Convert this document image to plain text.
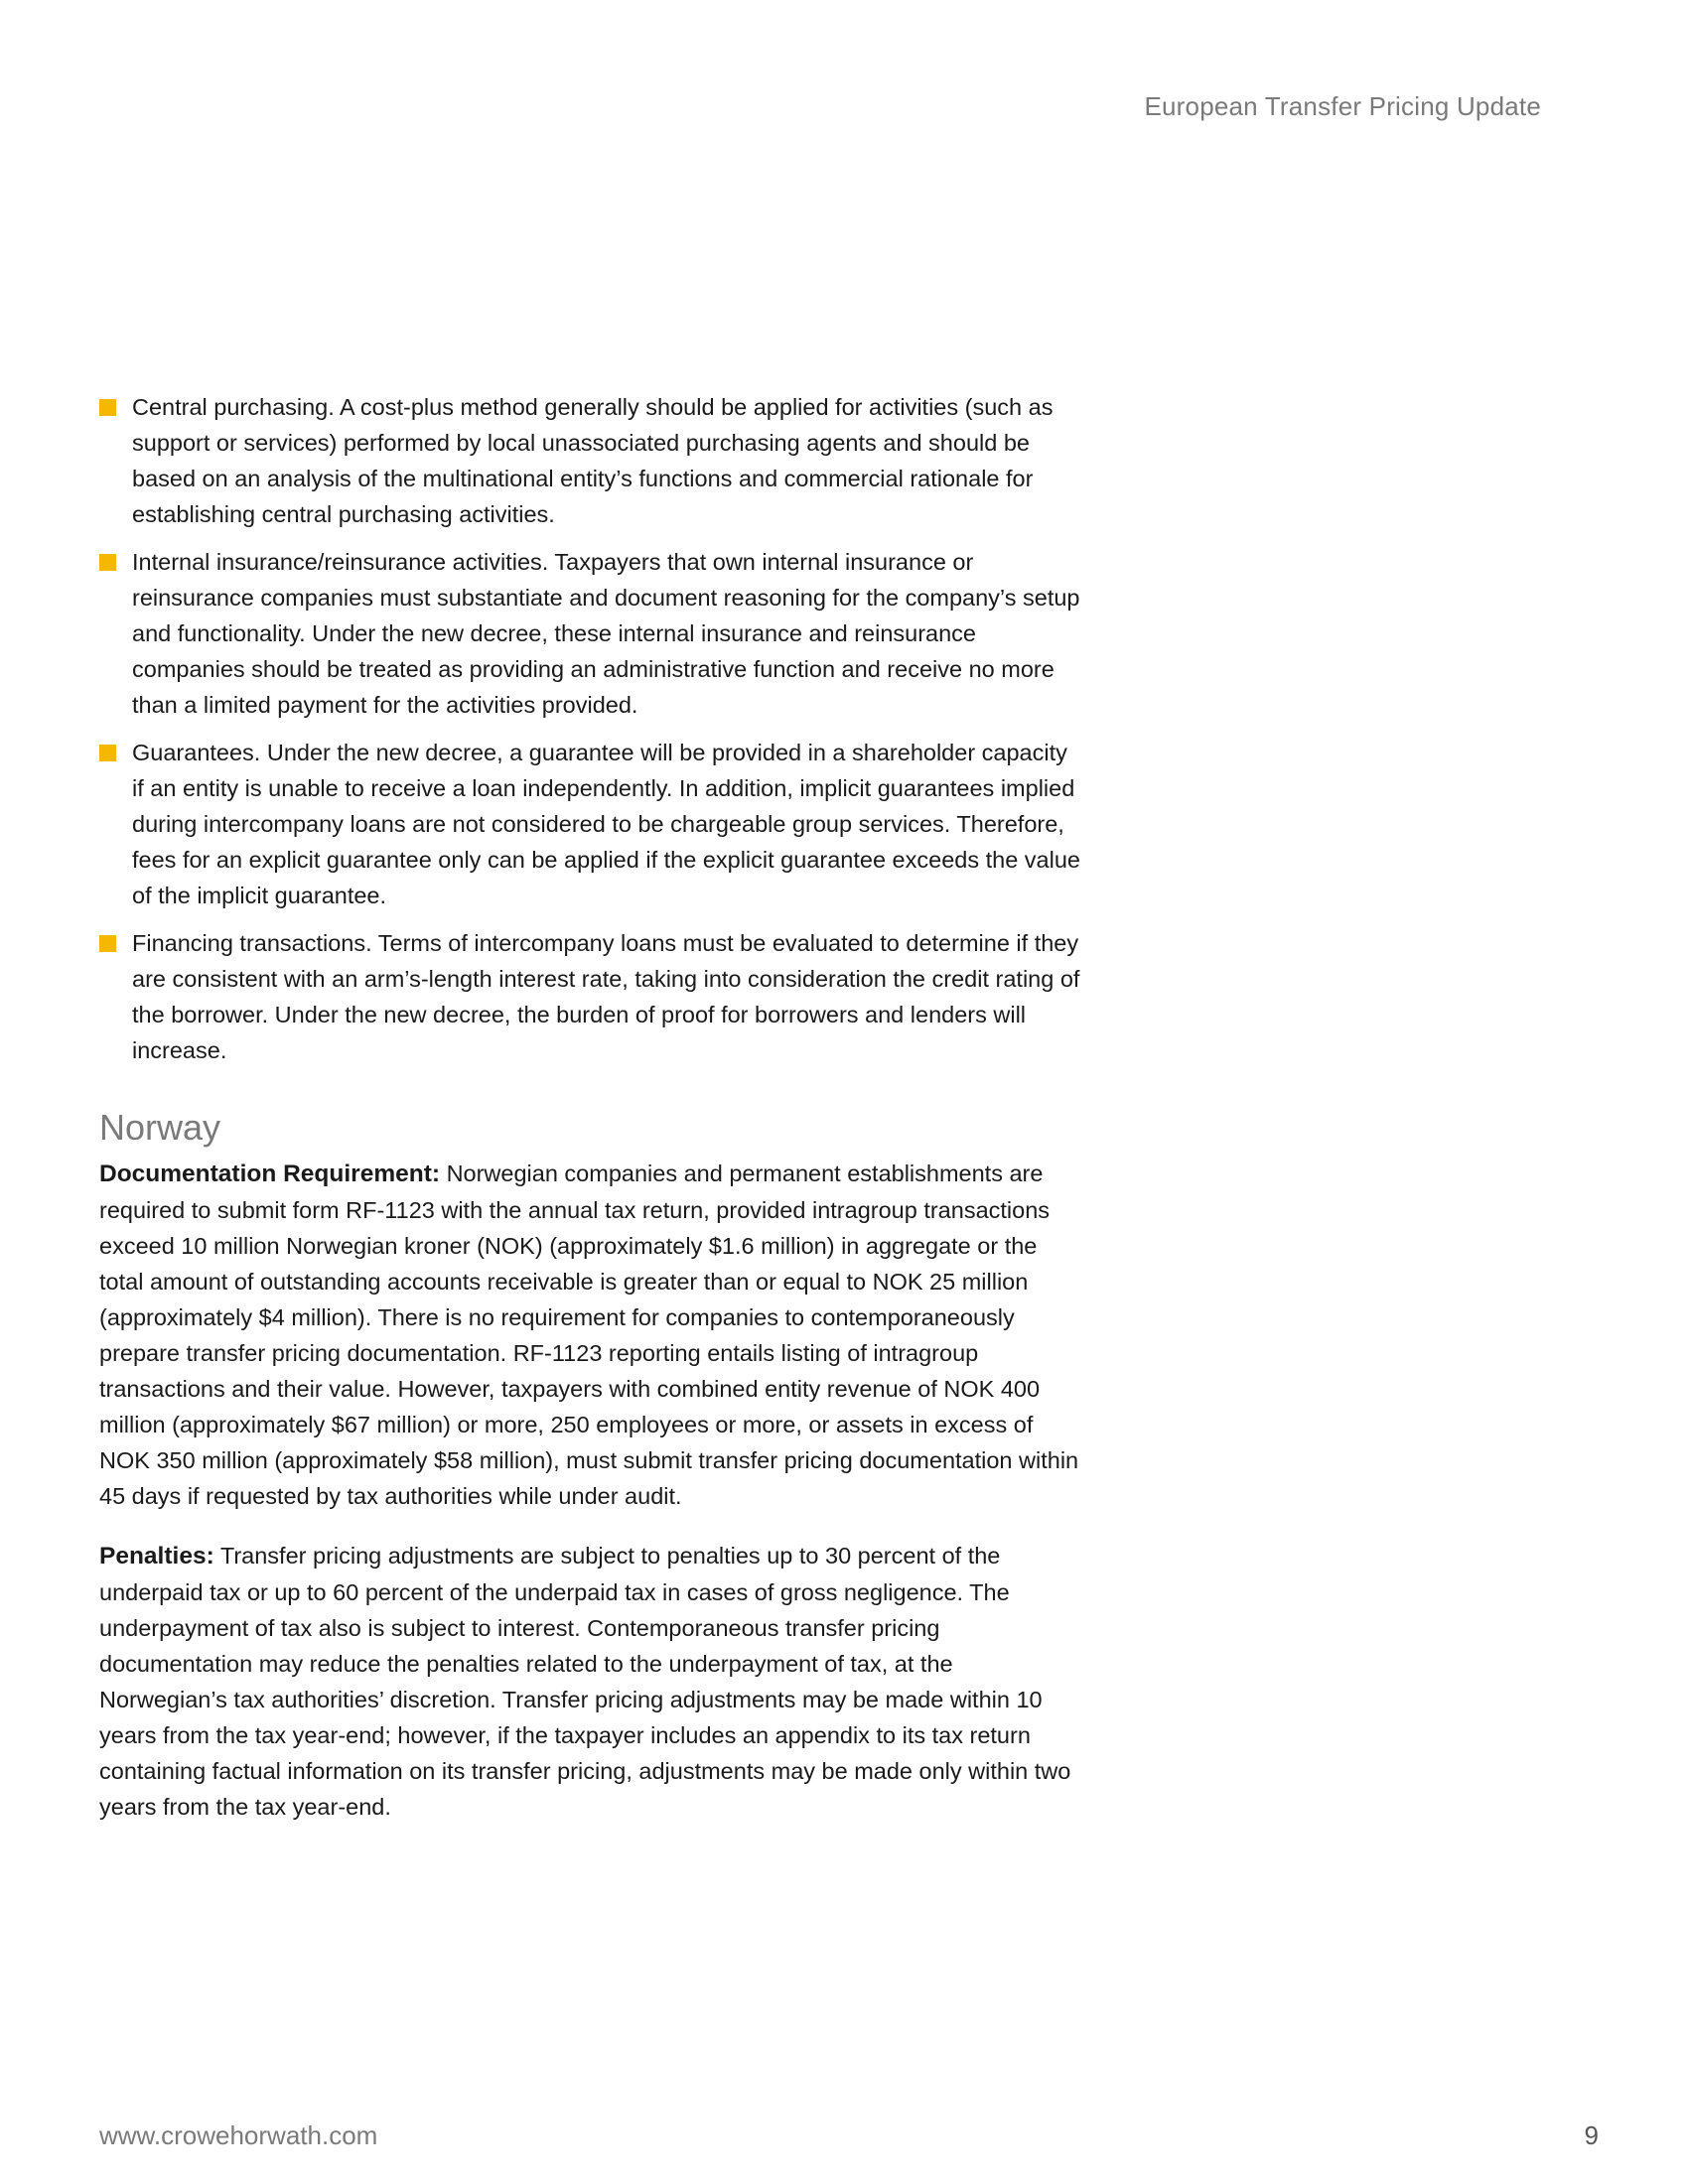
European Transfer Pricing Update
Central purchasing. A cost-plus method generally should be applied for activities (such as support or services) performed by local unassociated purchasing agents and should be based on an analysis of the multinational entity’s functions and commercial rationale for establishing central purchasing activities.
Internal insurance/reinsurance activities. Taxpayers that own internal insurance or reinsurance companies must substantiate and document reasoning for the company’s setup and functionality. Under the new decree, these internal insurance and reinsurance companies should be treated as providing an administrative function and receive no more than a limited payment for the activities provided.
Guarantees. Under the new decree, a guarantee will be provided in a shareholder capacity if an entity is unable to receive a loan independently. In addition, implicit guarantees implied during intercompany loans are not considered to be chargeable group services. Therefore, fees for an explicit guarantee only can be applied if the explicit guarantee exceeds the value of the implicit guarantee.
Financing transactions. Terms of intercompany loans must be evaluated to determine if they are consistent with an arm’s-length interest rate, taking into consideration the credit rating of the borrower. Under the new decree, the burden of proof for borrowers and lenders will increase.
Norway

Documentation Requirement: Norwegian companies and permanent establishments are required to submit form RF-1123 with the annual tax return, provided intragroup transactions exceed 10 million Norwegian kroner (NOK) (approximately $1.6 million) in aggregate or the total amount of outstanding accounts receivable is greater than or equal to NOK 25 million (approximately $4 million). There is no requirement for companies to contemporaneously prepare transfer pricing documentation. RF-1123 reporting entails listing of intragroup transactions and their value. However, taxpayers with combined entity revenue of NOK 400 million (approximately $67 million) or more, 250 employees or more, or assets in excess of NOK 350 million (approximately $58 million), must submit transfer pricing documentation within 45 days if requested by tax authorities while under audit.

Penalties: Transfer pricing adjustments are subject to penalties up to 30 percent of the underpaid tax or up to 60 percent of the underpaid tax in cases of gross negligence. The underpayment of tax also is subject to interest. Contemporaneous transfer pricing documentation may reduce the penalties related to the underpayment of tax, at the Norwegian’s tax authorities’ discretion. Transfer pricing adjustments may be made within 10 years from the tax year-end; however, if the taxpayer includes an appendix to its tax return containing factual information on its transfer pricing, adjustments may be made only within two years from the tax year-end.

www.crowehorwath.com	9
